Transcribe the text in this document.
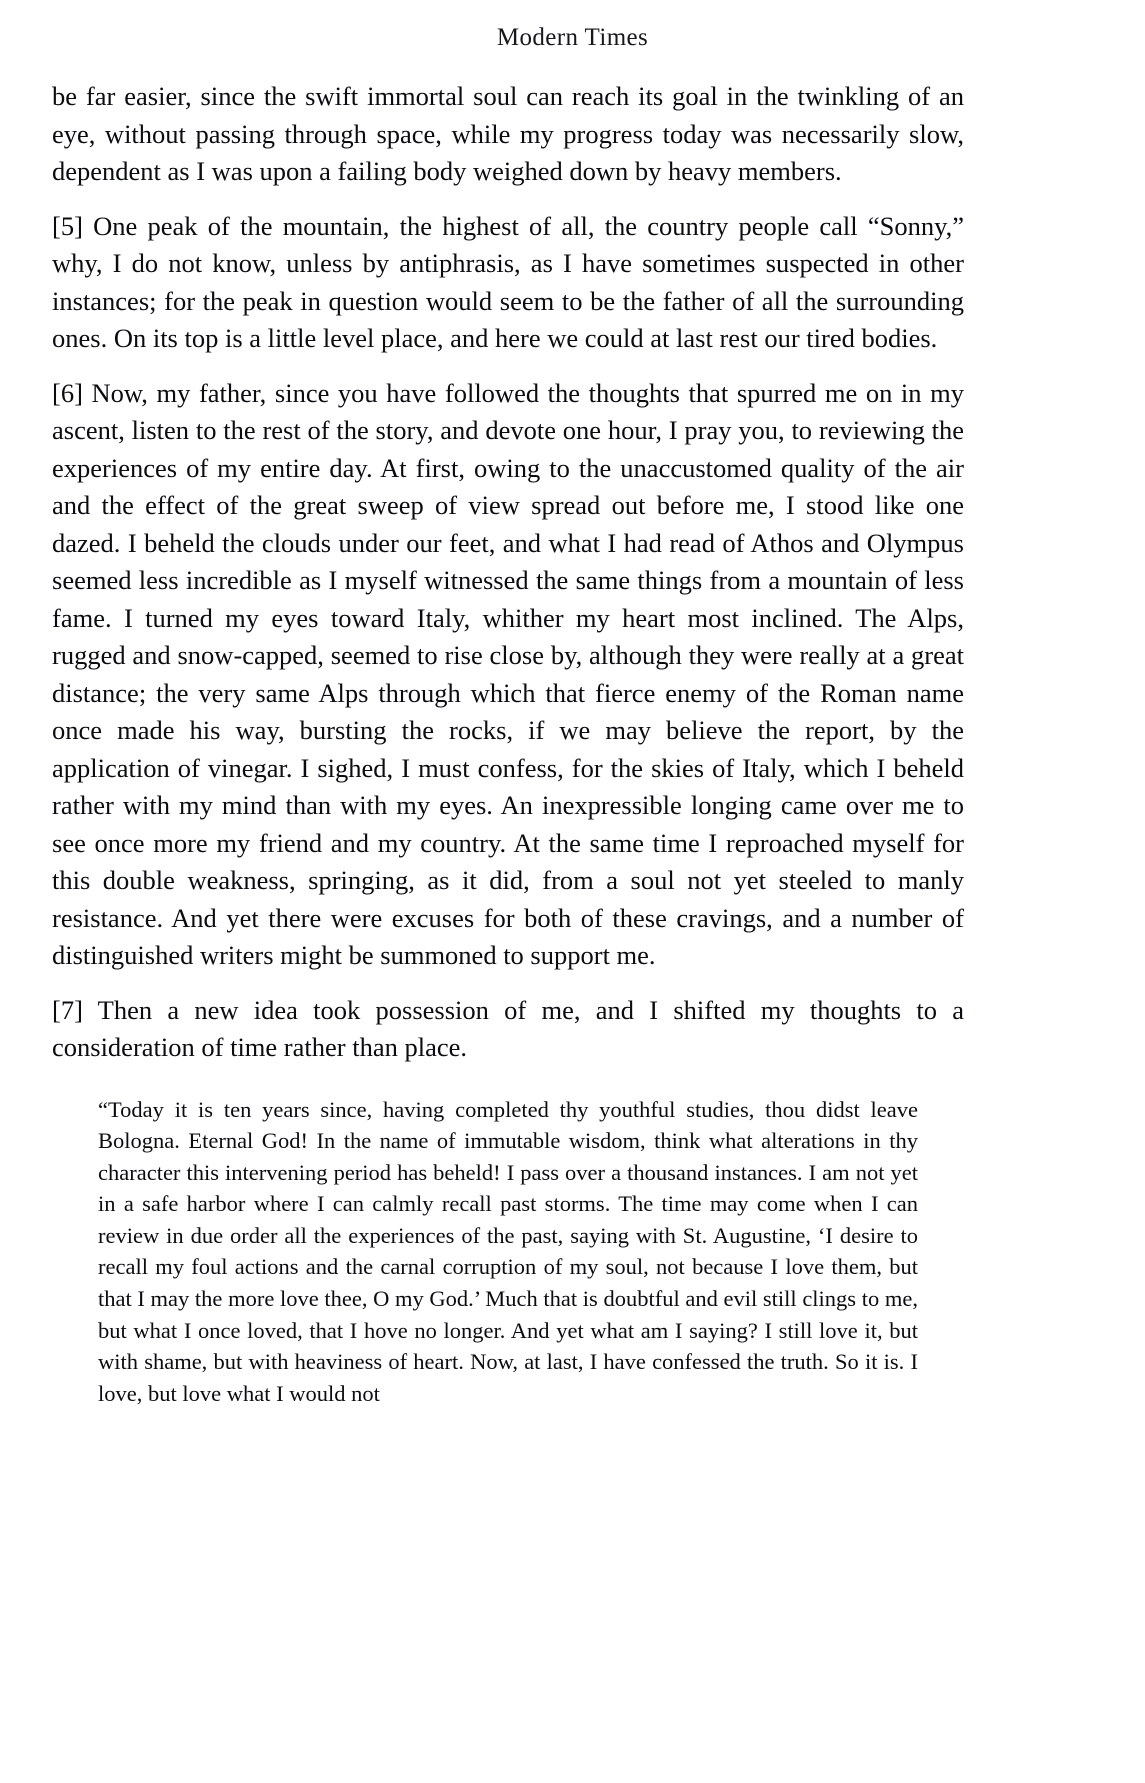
Modern Times

be far easier, since the swift immortal soul can reach its goal in the twinkling of an eye, without passing through space, while my progress today was necessarily slow, dependent as I was upon a failing body weighed down by heavy members.

[5] One peak of the mountain, the highest of all, the country people call “Sonny,” why, I do not know, unless by antiphrasis, as I have sometimes suspected in other instances; for the peak in question would seem to be the father of all the surrounding ones. On its top is a little level place, and here we could at last rest our tired bodies.

[6] Now, my father, since you have followed the thoughts that spurred me on in my ascent, listen to the rest of the story, and devote one hour, I pray you, to reviewing the experiences of my entire day. At first, owing to the unaccustomed quality of the air and the effect of the great sweep of view spread out before me, I stood like one dazed. I beheld the clouds under our feet, and what I had read of Athos and Olympus seemed less incredible as I myself witnessed the same things from a mountain of less fame. I turned my eyes toward Italy, whither my heart most inclined. The Alps, rugged and snow-capped, seemed to rise close by, although they were really at a great distance; the very same Alps through which that fierce enemy of the Roman name once made his way, bursting the rocks, if we may believe the report, by the application of vinegar. I sighed, I must confess, for the skies of Italy, which I beheld rather with my mind than with my eyes. An inexpressible longing came over me to see once more my friend and my country. At the same time I reproached myself for this double weakness, springing, as it did, from a soul not yet steeled to manly resistance. And yet there were excuses for both of these cravings, and a number of distinguished writers might be summoned to support me.

[7] Then a new idea took possession of me, and I shifted my thoughts to a consideration of time rather than place.

“Today it is ten years since, having completed thy youthful studies, thou didst leave Bologna. Eternal God! In the name of immutable wisdom, think what alterations in thy character this intervening period has beheld! I pass over a thousand instances. I am not yet in a safe harbor where I can calmly recall past storms. The time may come when I can review in due order all the experiences of the past, saying with St. Augustine, ‘I desire to recall my foul actions and the carnal corruption of my soul, not because I love them, but that I may the more love thee, O my God.’ Much that is doubtful and evil still clings to me, but what I once loved, that I hove no longer. And yet what am I saying? I still love it, but with shame, but with heaviness of heart. Now, at last, I have confessed the truth. So it is. I love, but love what I would not
